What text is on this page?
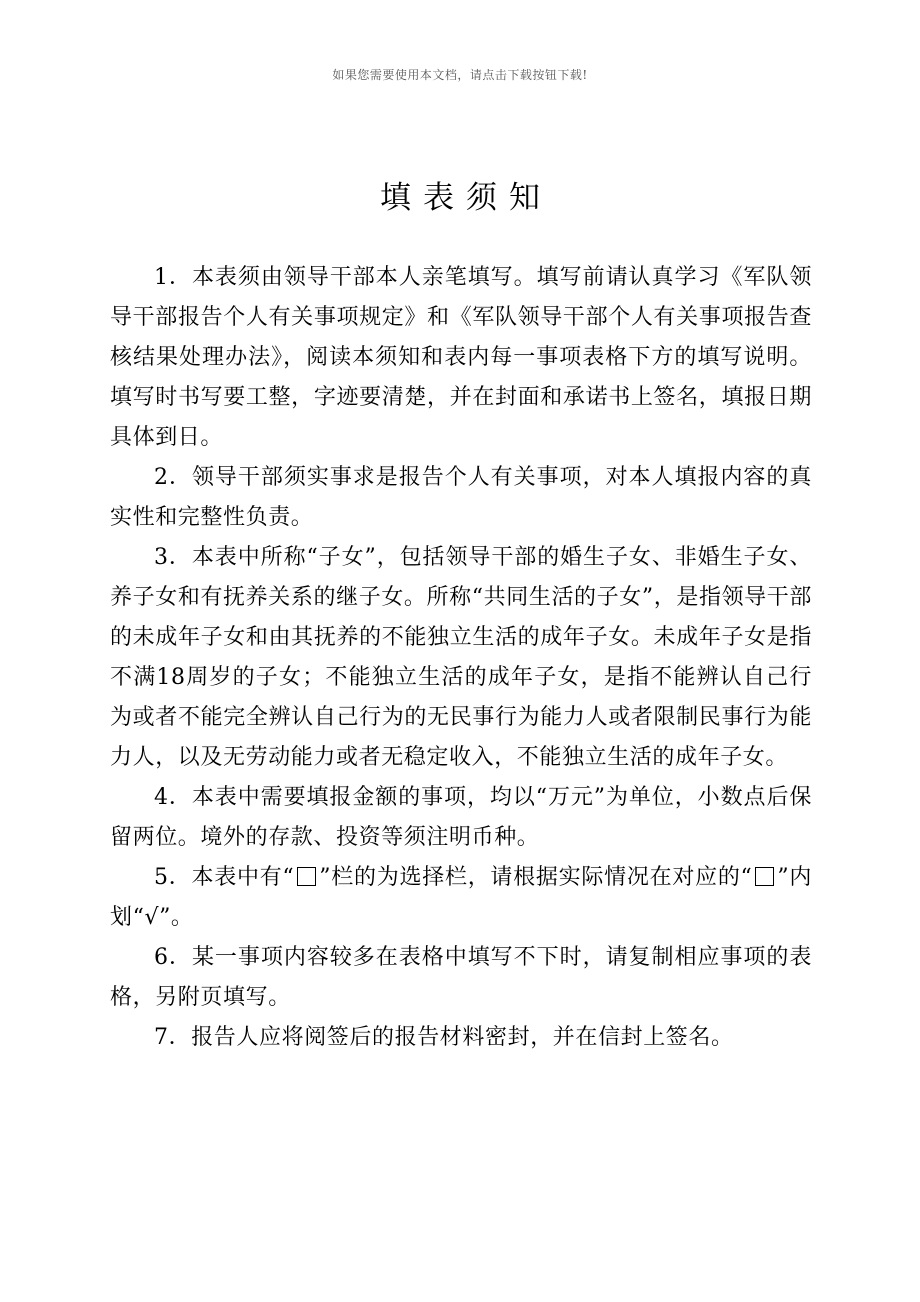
如果您需要使用本文档，请点击下载按钮下载!
填表须知

1．本表须由领导干部本人亲笔填写。填写前请认真学习《军队领导干部报告个人有关事项规定》和《军队领导干部个人有关事项报告查核结果处理办法》，阅读本须知和表内每一事项表格下方的填写说明。填写时书写要工整，字迹要清楚，并在封面和承诺书上签名，填报日期具体到日。

2．领导干部须实事求是报告个人有关事项，对本人填报内容的真实性和完整性负责。

3．本表中所称“子女”，包括领导干部的婚生子女、非婚生子女、养子女和有抚养关系的继子女。所称“共同生活的子女”，是指领导干部的未成年子女和由其抚养的不能独立生活的成年子女。未成年子女是指不满18周岁的子女；不能独立生活的成年子女，是指不能辨认自己行为或者不能完全辨认自己行为的无民事行为能力人或者限制民事行为能力人，以及无劳动能力或者无稳定收入，不能独立生活的成年子女。

4．本表中需要填报金额的事项，均以“万元”为单位，小数点后保留两位。境外的存款、投资等须注明币种。

5．本表中有“ ”栏的为选择栏，请根据实际情况在对应的“ ”内划“√”。

6．某一事项内容较多在表格中填写不下时，请复制相应事项的表格，另附页填写。

7．报告人应将阅签后的报告材料密封，并在信封上签名。
